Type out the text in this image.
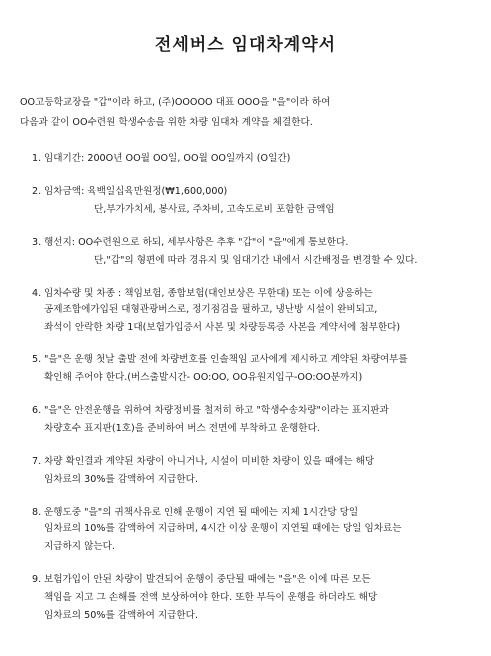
전세버스 임대차계약서
OO고등학교장을 "갑"이라 하고, (주)OOOOO 대표 OOO을 "을"이라 하여
다음과 같이 OO수련원 학생수송을 위한 차량 임대차 계약을 체결한다.
1. 임대기간: 200O년 OO월 OO일, OO월 OO일까지 (O일간)
2. 임차금액: 육백일십육만원정(₩1,600,000)
단,부가가치세, 봉사료, 주차비, 고속도로비 포함한 금액임
3. 행선지: OO수련원으로 하되, 세부사항은 추후 "갑"이 "을"에게 통보한다.
단,"갑"의 형편에 따라 경유지 및 임대기간 내에서 시간배정을 변경할 수 있다.
4. 임차수량 및 차종 : 책임보험, 종합보험(대인보상은 무한대) 또는 이에 상응하는
공제조합에가입된 대형관광버스로, 정기점검을 필하고, 냉난방 시설이 완비되고,
좌석이 안락한 차량 1대(보험가입증서 사본 및 차량등록증 사본을 계약서에 첨부한다)
5. "을"은 운행 첫날 출발 전에 차량번호를 인솔책임 교사에게 제시하고 계약된 차량여부를
확인해 주어야 한다.(버스출발시간- OO:OO, OO유원지입구-OO:OO분까지)
6. "을"은 안전운행을 위하여 차량정비를 철저히 하고 "학생수송차량"이라는 표지판과
차량호수 표지판(1호)을 준비하여 버스 전면에 부착하고 운행한다.
7. 차량 확인결과 계약된 차량이 아니거나, 시설이 미비한 차량이 있을 때에는 해당
임차료의 30%를 감액하여 지급한다.
8. 운행도중 "을"의 귀책사유로 인해 운행이 지연 될 때에는 지체 1시간당 당일
임차료의 10%를 감액하여 지급하며, 4시간 이상 운행이 지연될 때에는 당일 임차료는
지급하지 않는다.
9. 보험가입이 안된 차량이 발견되어 운행이 중단될 때에는 "을"은 이에 따른 모든
책임을 지고 그 손해를 전액 보상하여야 한다. 또한 부득이 운행을 하더라도 해당
임차료의 50%를 감액하여 지급한다.
